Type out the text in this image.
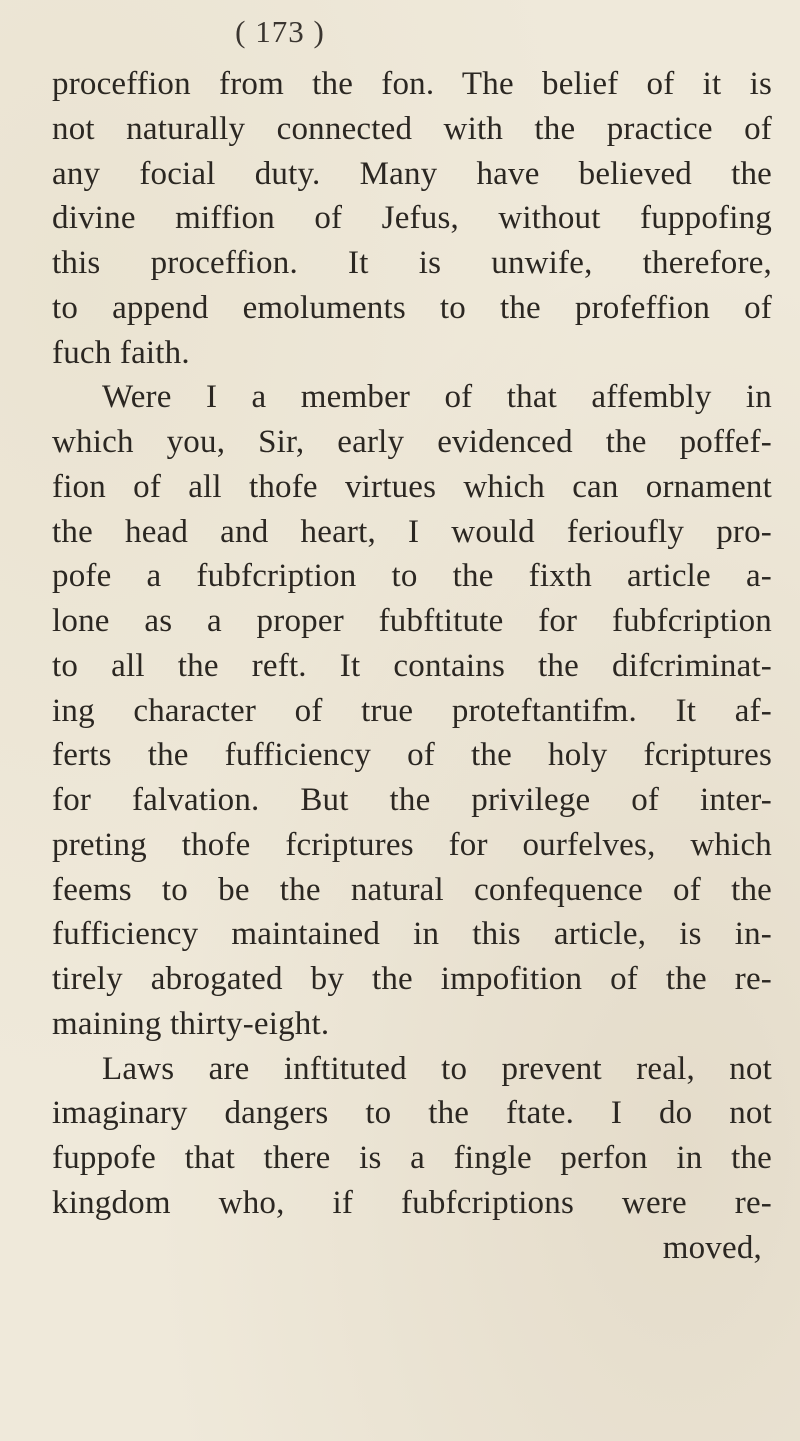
( 173 )
proceffion from the fon. The belief of it is
not naturally connected with the practice of
any focial duty. Many have believed the
divine miffion of Jefus, without fuppofing
this proceffion. It is unwife, therefore,
to append emoluments to the profeffion of
fuch faith.
Were I a member of that affembly in
which you, Sir, early evidenced the poffef-
fion of all thofe virtues which can ornament
the head and heart, I would ferioufly pro-
pofe a fubfcription to the fixth article a-
lone as a proper fubftitute for fubfcription
to all the reft. It contains the difcriminat-
ing character of true proteftantifm. It af-
ferts the fufficiency of the holy fcriptures
for falvation. But the privilege of inter-
preting thofe fcriptures for ourfelves, which
feems to be the natural confequence of the
fufficiency maintained in this article, is in-
tirely abrogated by the impofition of the re-
maining thirty-eight.
Laws are inftituted to prevent real, not
imaginary dangers to the ftate. I do not
fuppofe that there is a fingle perfon in the
kingdom who, if fubfcriptions were re-
moved,
